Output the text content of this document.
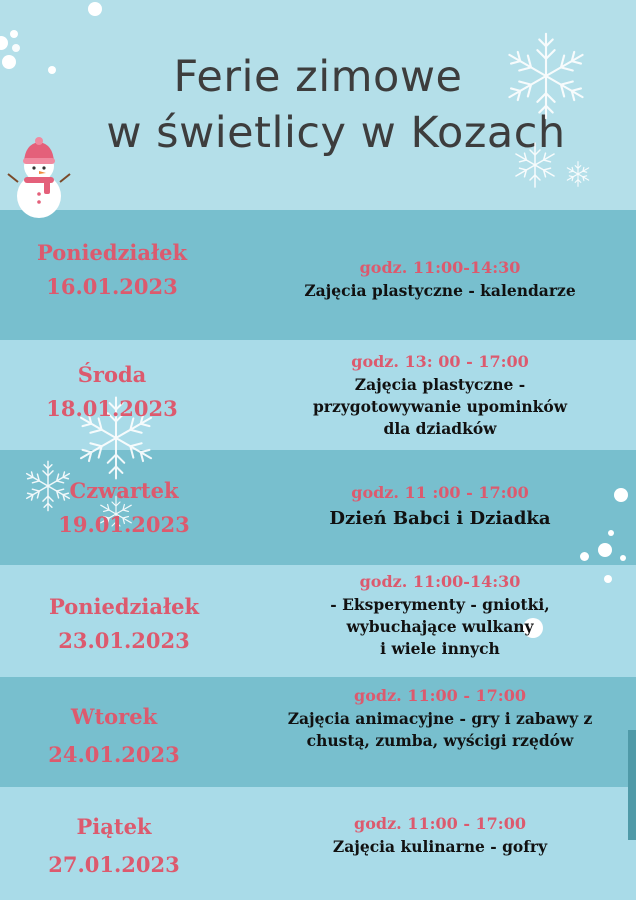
Ferie zimowe
w świetlicy w Kozach
Poniedziałek
16.01.2023
godz. 11:00-14:30
Zajęcia plastyczne - kalendarze
Środa
18.01.2023
godz. 13: 00 - 17:00
Zajęcia plastyczne -
przygotowywanie upominków
dla dziadków
Czwartek
19.01.2023
godz. 11 :00 - 17:00
Dzień Babci i Dziadka
Poniedziałek
23.01.2023
godz. 11:00-14:30
- Eksperymenty - gniotki,
wybuchające wulkany
i wiele innych
Wtorek
24.01.2023
godz. 11:00 - 17:00
Zajęcia animacyjne - gry i zabawy z
chustą, zumba, wyścigi rzędów
Piątek
27.01.2023
godz. 11:00 - 17:00
Zajęcia kulinarne - gofry
